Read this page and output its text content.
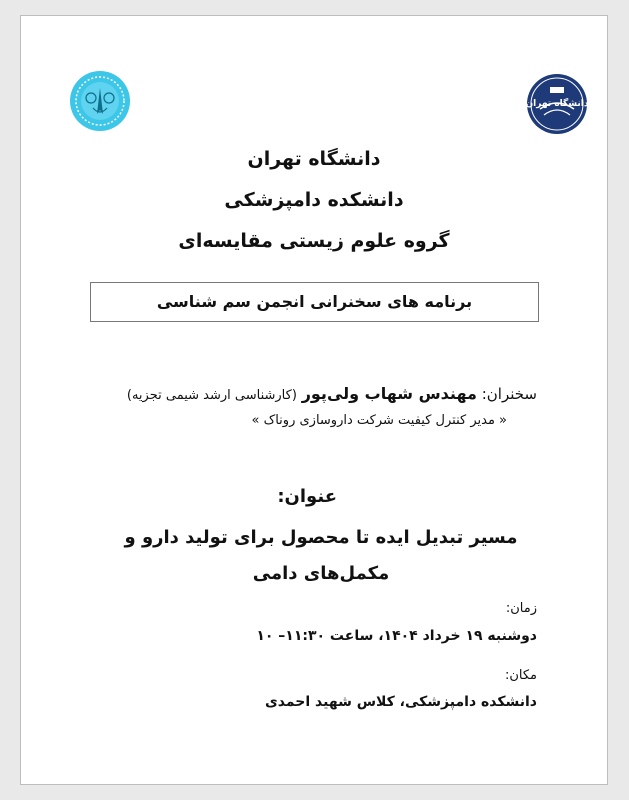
دانشگاه تهران
دانشگاه تهران
دانشکده دامپزشکی
گروه علوم زیستی مقایسه‌ای
برنامه های سخنرانی انجمن سم شناسی
سخنران: مهندس شهاب ولی‌پور (کارشناسی ارشد شیمی تجزیه)
« مدیر کنترل کیفیت شرکت داروسازی روناک »
عنوان:
مسیر تبدیل ایده تا محصول برای تولید دارو و
مکمل‌های دامی
زمان:
دوشنبه ۱۹ خرداد ۱۴۰۴، ساعت ۱۱:۳۰– ۱۰
مکان:
دانشکده دامپزشکی، کلاس شهید احمدی
